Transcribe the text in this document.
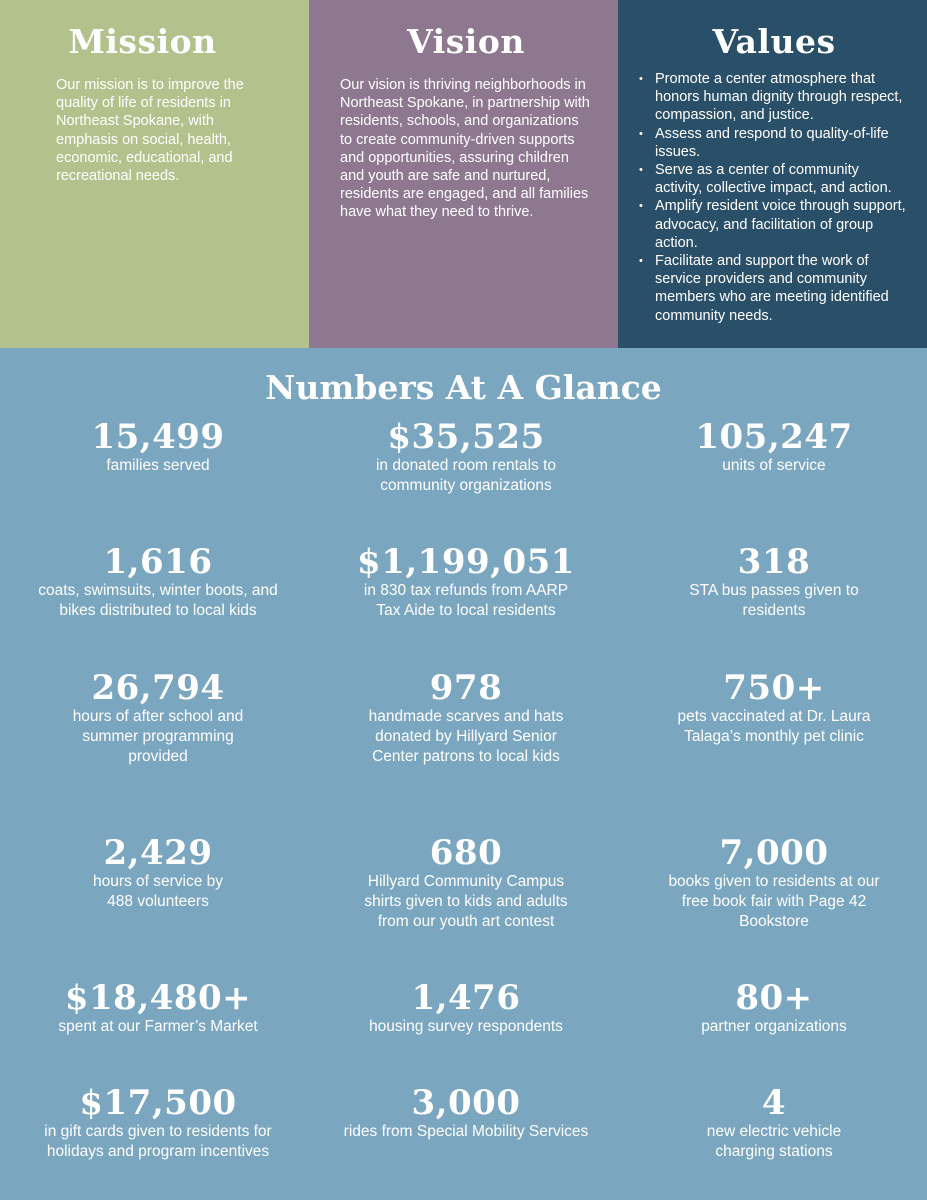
Mission

Our mission is to improve the quality of life of residents in Northeast Spokane, with emphasis on social, health, economic, educational, and recreational needs.

Vision

Our vision is thriving neighborhoods in Northeast Spokane, in partnership with residents, schools, and organizations to create community-driven supports and opportunities, assuring children and youth are safe and nurtured, residents are engaged, and all families have what they need to thrive.

Values
• Promote a center atmosphere that honors human dignity through respect, compassion, and justice.
• Assess and respond to quality-of-life issues.
• Serve as a center of community activity, collective impact, and action.
• Amplify resident voice through support, advocacy, and facilitation of group action.
• Facilitate and support the work of service providers and community members who are meeting identified community needs.
Numbers At A Glance
15,499
families served
$35,525
in donated room rentals to community organizations
105,247
units of service
1,616
coats, swimsuits, winter boots, and bikes distributed to local kids
$1,199,051
in 830 tax refunds from AARP Tax Aide to local residents
318
STA bus passes given to residents
26,794
hours of after school and summer programming provided
978
handmade scarves and hats donated by Hillyard Senior Center patrons to local kids
750+
pets vaccinated at Dr. Laura Talaga’s monthly pet clinic
2,429
hours of service by 488 volunteers
680
Hillyard Community Campus shirts given to kids and adults from our youth art contest
7,000
books given to residents at our free book fair with Page 42 Bookstore
$18,480+
spent at our Farmer’s Market
1,476
housing survey respondents
80+
partner organizations
$17,500
in gift cards given to residents for holidays and program incentives
3,000
rides from Special Mobility Services
4
new electric vehicle charging stations
